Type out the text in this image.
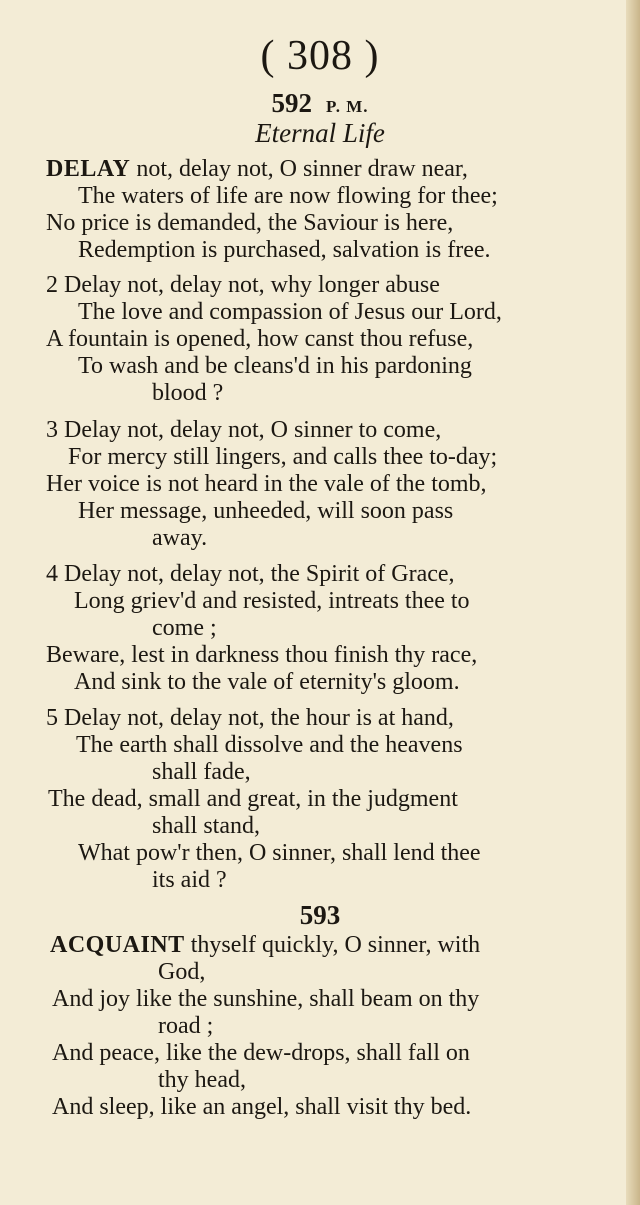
( 308 )
592 P. M.
Eternal Life
DELAY not, delay not, O sinner draw near,
The waters of life are now flowing for thee;
No price is demanded, the Saviour is here,
Redemption is purchased, salvation is free.
2 Delay not, delay not, why longer abuse
The love and compassion of Jesus our Lord,
A fountain is opened, how canst thou refuse,
To wash and be cleans'd in his pardoning
blood ?
3 Delay not, delay not, O sinner to come,
For mercy still lingers, and calls thee to-day;
Her voice is not heard in the vale of the tomb,
Her message, unheeded, will soon pass
away.
4 Delay not, delay not, the Spirit of Grace,
Long griev'd and resisted, intreats thee to
come ;
Beware, lest in darkness thou finish thy race,
And sink to the vale of eternity's gloom.
5 Delay not, delay not, the hour is at hand,
The earth shall dissolve and the heavens
shall fade,
The dead, small and great, in the judgment
shall stand,
What pow'r then, O sinner, shall lend thee
its aid ?
593
ACQUAINT thyself quickly, O sinner, with
God,
And joy like the sunshine, shall beam on thy
road ;
And peace, like the dew-drops, shall fall on
thy head,
And sleep, like an angel, shall visit thy bed.
